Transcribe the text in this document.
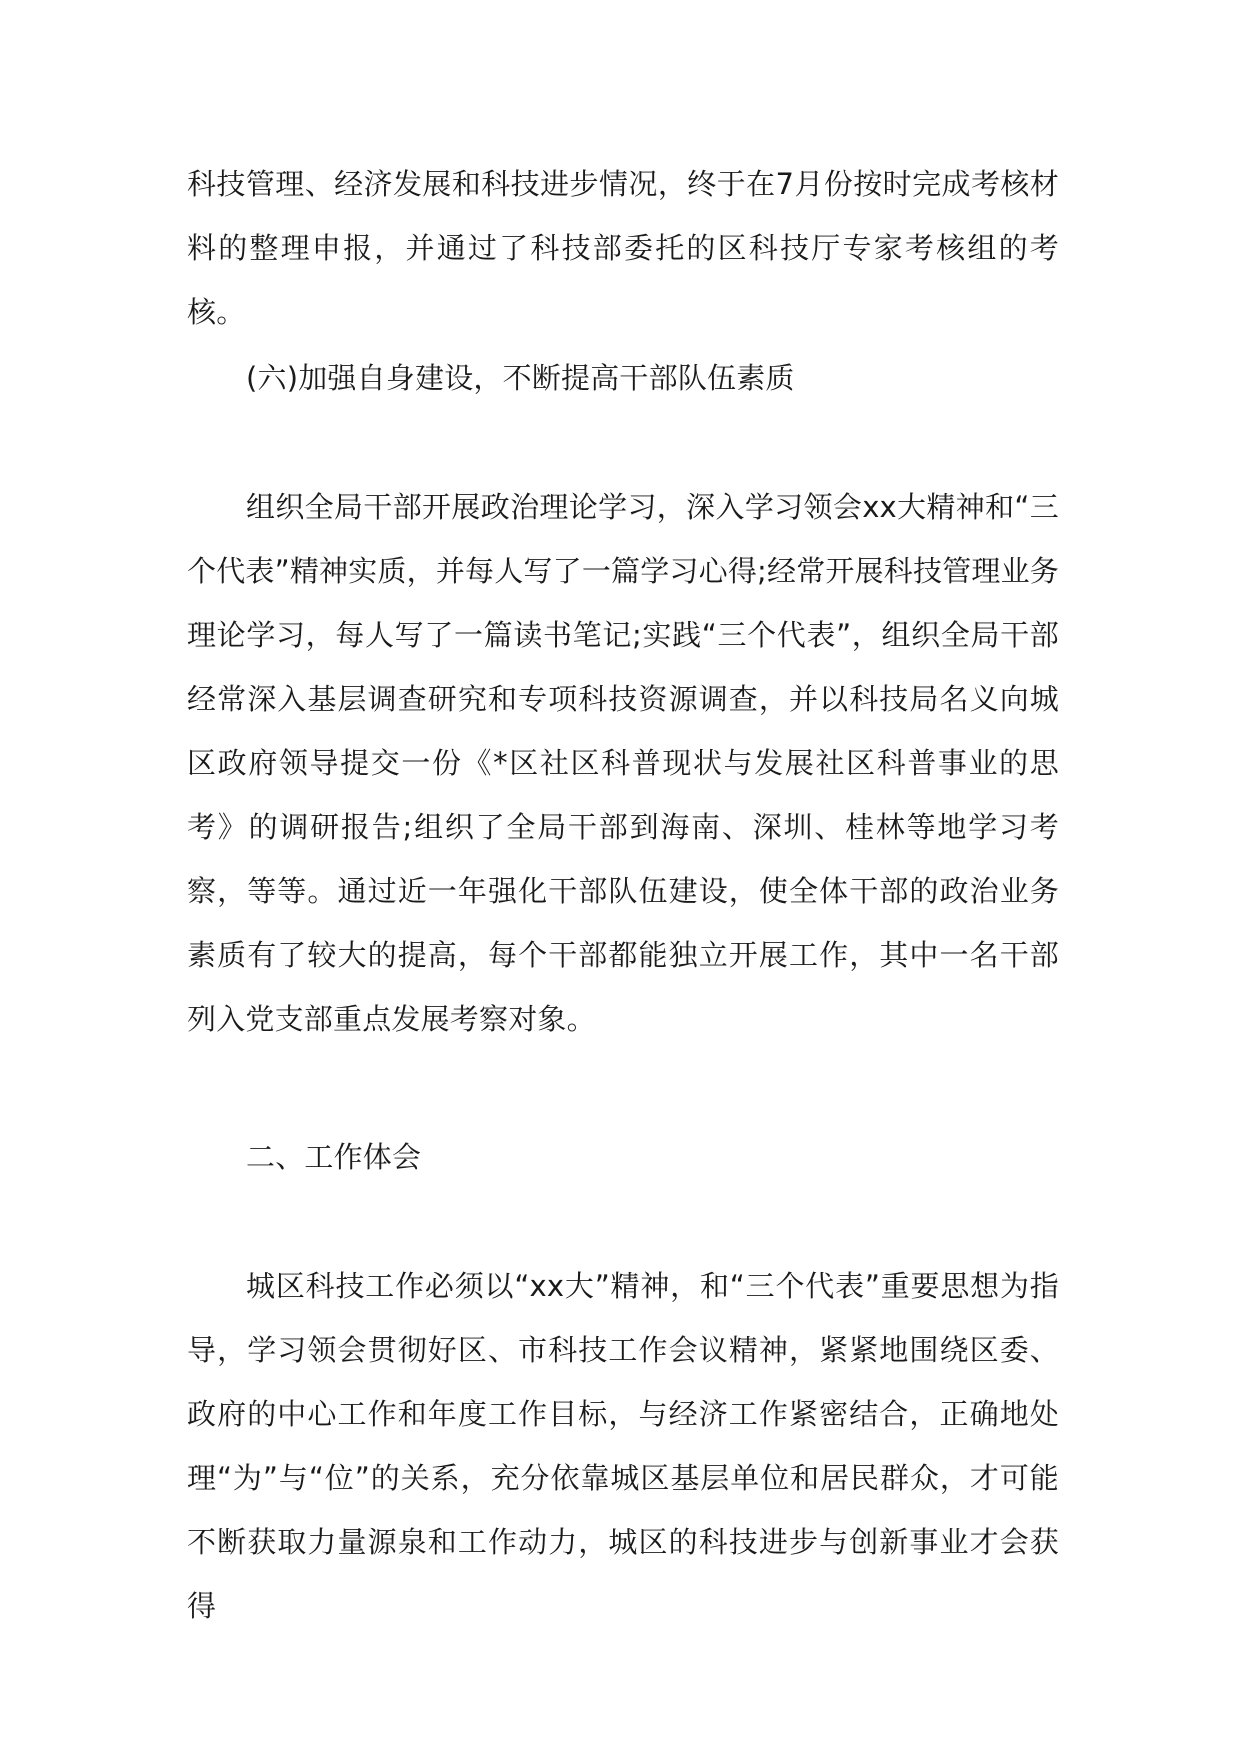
科技管理、经济发展和科技进步情况，终于在7月份按时完成考核材料的整理申报，并通过了科技部委托的区科技厅专家考核组的考核。

(六)加强自身建设，不断提高干部队伍素质

组织全局干部开展政治理论学习，深入学习领会xx大精神和“三个代表”精神实质，并每人写了一篇学习心得;经常开展科技管理业务理论学习，每人写了一篇读书笔记;实践“三个代表”，组织全局干部经常深入基层调查研究和专项科技资源调查，并以科技局名义向城区政府领导提交一份《*区社区科普现状与发展社区科普事业的思考》的调研报告;组织了全局干部到海南、深圳、桂林等地学习考察，等等。通过近一年强化干部队伍建设，使全体干部的政治业务素质有了较大的提高，每个干部都能独立开展工作，其中一名干部列入党支部重点发展考察对象。

二、工作体会

城区科技工作必须以“xx大”精神，和“三个代表”重要思想为指导，学习领会贯彻好区、市科技工作会议精神，紧紧地围绕区委、政府的中心工作和年度工作目标，与经济工作紧密结合，正确地处理“为”与“位”的关系，充分依靠城区基层单位和居民群众，才可能不断获取力量源泉和工作动力，城区的科技进步与创新事业才会获得
